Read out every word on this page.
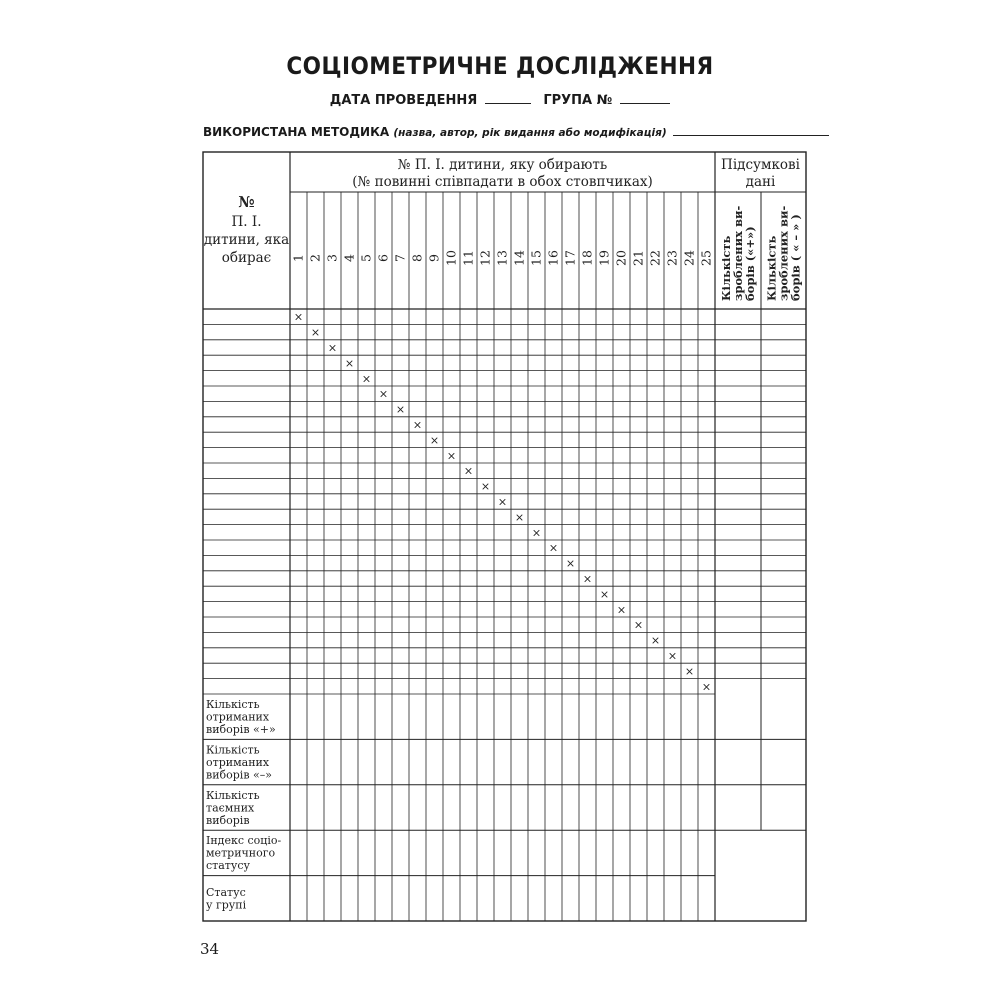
СОЦІОМЕТРИЧНЕ ДОСЛІДЖЕННЯ
ДАТА ПРОВЕДЕННЯ	ГРУПА №
ВИКОРИСТАНА МЕТОДИКА (назва, автор, рік видання або модифікація)
№
П. І.
дитини, яка
обирає
№ П. І. дитини, яку обирають
(№ повинні співпадати в обох стовпчиках)
Підсумкові
дані
Кількість
зроблених ви-
борів («+») Кількість
зроблених ви-
борів ( « – » )
1 2 3 4 5 6 7 8 9 10 11 12 13 14 15 16 17 18 19 20 21 22 23 24 25
×
×
×
×
×
×
×
×
×
×
×
×
×
×
×
×
×
×
×
×
×
×
×
×
×
Кількість
отриманих
виборів «+»
Кількість
отриманих
виборів «–»
Кількість
таємних
виборів
Індекс соціо-
метричного
статусу
Статус
у групі
34
